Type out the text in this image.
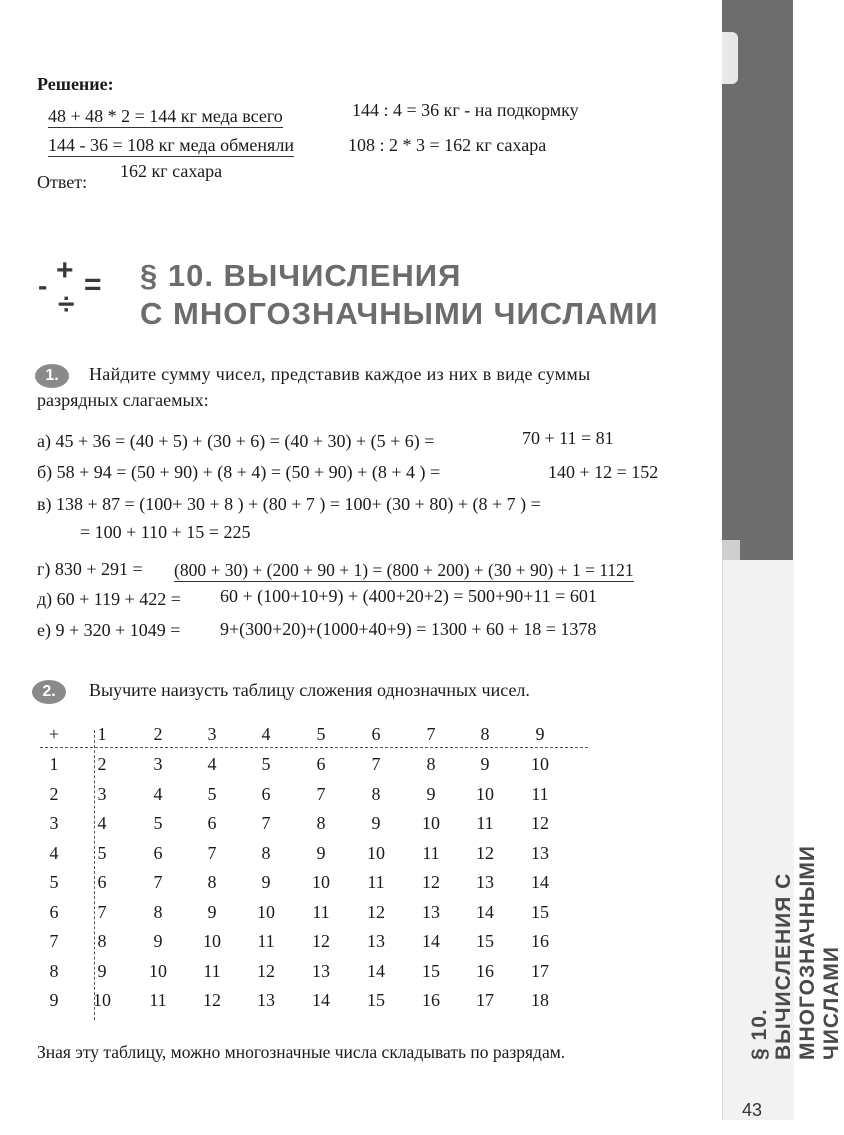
§ 10. ВЫЧИСЛЕНИЯ С МНОГОЗНАЧНЫМИ ЧИСЛАМИ
Решение:
48 + 48 * 2 = 144 кг меда всего	144 : 4 = 36 кг - на подкормку
144 - 36 = 108 кг меда обменяли	108 : 2 * 3 = 162 кг сахара
Ответ:
162 кг сахара
- + =
÷
§ 10. ВЫЧИСЛЕНИЯ
С МНОГОЗНАЧНЫМИ ЧИСЛАМИ
1.	Найдите сумму чисел, представив каждое из них в виде суммы
разрядных слагаемых:
а) 45 + 36 = (40 + 5) + (30 + 6) = (40 + 30) + (5 + 6) =	70 + 11 = 81
б) 58 + 94 = (50 + 90) + (8 + 4) = (50 + 90) + (8 + 4 ) =	140 + 12 = 152
в) 138 + 87 = (100+ 30 + 8 ) + (80 + 7 ) = 100+ (30 + 80) + (8 + 7 ) =
= 100 + 110 + 15 = 225
г) 830 + 291 = (800 + 30) + (200 + 90 + 1) = (800 + 200) + (30 + 90) + 1 = 1121
д) 60 + 119 + 422 = 60 + (100+10+9) + (400+20+2) = 500+90+11 = 601
е) 9 + 320 + 1049 = 9+(300+20)+(1000+40+9) = 1300 + 60 + 18 = 1378
2.	Выучите наизусть таблицу сложения однозначных чисел.
+	1	2	3	4	5	6	7	8	9
1	2	3	4	5	6	7	8	9	10
2	3	4	5	6	7	8	9	10	11
3	4	5	6	7	8	9	10	11	12
4	5	6	7	8	9	10	11	12	13
5	6	7	8	9	10	11	12	13	14
6	7	8	9	10	11	12	13	14	15
7	8	9	10	11	12	13	14	15	16
8	9	10	11	12	13	14	15	16	17
9	10	11	12	13	14	15	16	17	18
Зная эту таблицу, можно многозначные числа складывать по разрядам.
43
